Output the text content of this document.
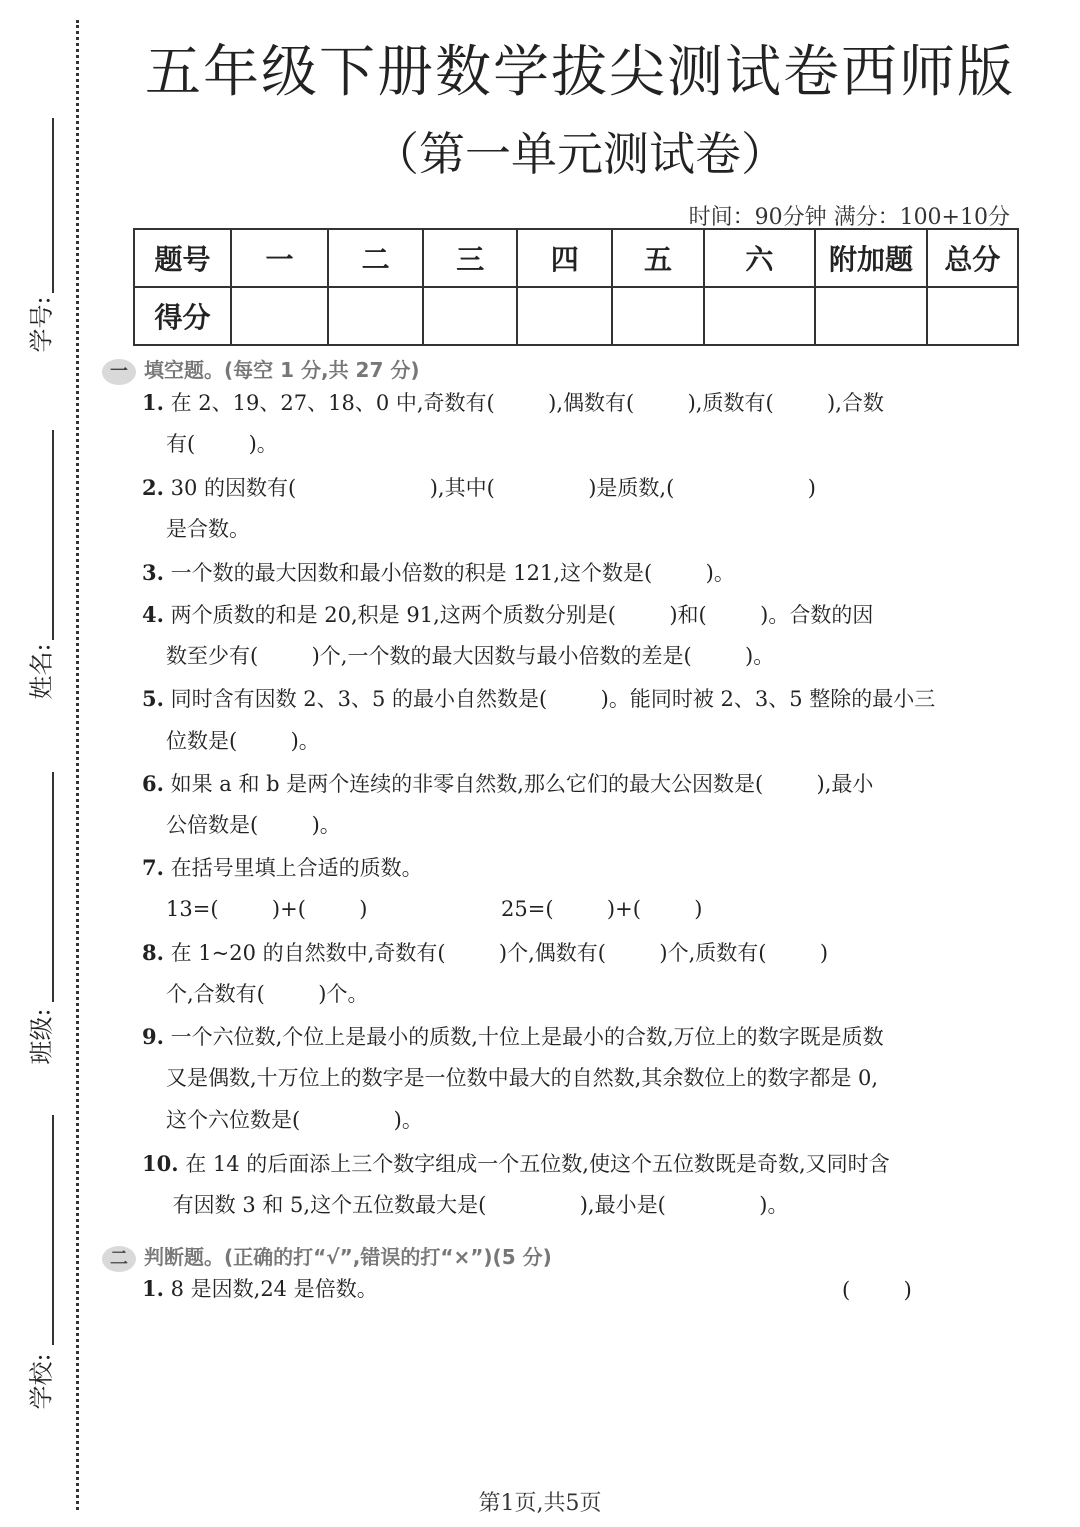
学号:
姓名:
班级:
学校:
五年级下册数学拔尖测试卷西师版
（第一单元测试卷）
时间：90分钟 满分：100+10分
题号	一	二	三	四	五	六	附加题	总分
得分								
一 填空题。(每空 1 分,共 27 分)
1. 在 2、19、27、18、0 中,奇数有(        ),偶数有(        ),质数有(        ),合数
有(        )。
2. 30 的因数有(                    ),其中(              )是质数,(                    )
是合数。
3. 一个数的最大因数和最小倍数的积是 121,这个数是(        )。
4. 两个质数的和是 20,积是 91,这两个质数分别是(        )和(        )。合数的因
数至少有(        )个,一个数的最大因数与最小倍数的差是(        )。
5. 同时含有因数 2、3、5 的最小自然数是(        )。能同时被 2、3、5 整除的最小三
位数是(        )。
6. 如果 a 和 b 是两个连续的非零自然数,那么它们的最大公因数是(        ),最小
公倍数是(        )。
7. 在括号里填上合适的质数。
13=(        )+(        )                    25=(        )+(        )
8. 在 1~20 的自然数中,奇数有(        )个,偶数有(        )个,质数有(        )
个,合数有(        )个。
9. 一个六位数,个位上是最小的质数,十位上是最小的合数,万位上的数字既是质数
又是偶数,十万位上的数字是一位数中最大的自然数,其余数位上的数字都是 0,
这个六位数是(              )。
10. 在 14 的后面添上三个数字组成一个五位数,使这个五位数既是奇数,又同时含
有因数 3 和 5,这个五位数最大是(              ),最小是(              )。
二 判断题。(正确的打“√”,错误的打“×”)(5 分)
1. 8 是因数,24 是倍数。	(        )
第1页,共5页
